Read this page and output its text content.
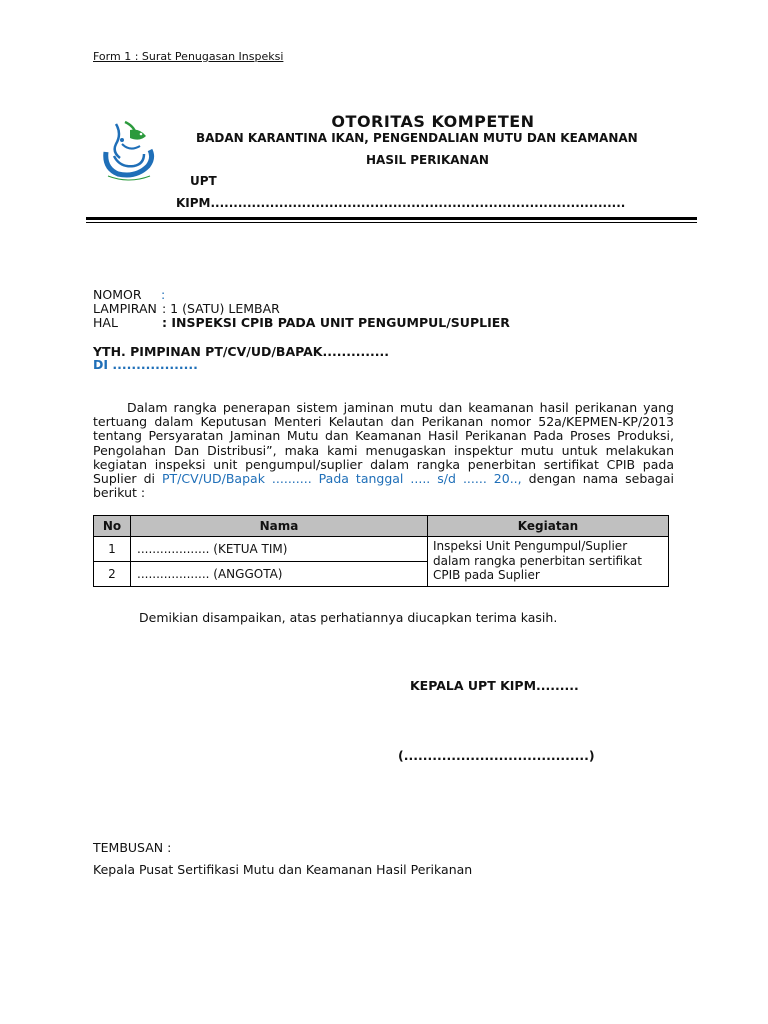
Form 1 : Surat Penugasan Inspeksi
OTORITAS KOMPETEN
BADAN KARANTINA IKAN, PENGENDALIAN MUTU DAN KEAMANAN
HASIL PERIKANAN
UPT
KIPM...........................................................................................
NOMOR :
LAMPIRAN : 1 (SATU) LEMBAR
HAL	: INSPEKSI CPIB PADA UNIT PENGUMPUL/SUPLIER
YTH. PIMPINAN PT/CV/UD/BAPAK..............
DI ..................
Dalam rangka penerapan sistem jaminan mutu dan keamanan hasil perikanan yang tertuang dalam Keputusan Menteri Kelautan dan Perikanan nomor 52a/KEPMEN-KP/2013 tentang Persyaratan Jaminan Mutu dan Keamanan Hasil Perikanan Pada Proses Produksi, Pengolahan Dan Distribusi”, maka kami menugaskan inspektur mutu untuk melakukan kegiatan inspeksi unit pengumpul/suplier dalam rangka penerbitan sertifikat CPIB pada Suplier di PT/CV/UD/Bapak .......... Pada tanggal ..... s/d ...... 20.., dengan nama sebagai berikut :
No	Nama	Kegiatan
1	................... (KETUA TIM)	Inspeksi Unit Pengumpul/Suplier dalam rangka penerbitan sertifikat CPIB pada Suplier
2	................... (ANGGOTA)	
Demikian disampaikan, atas perhatiannya diucapkan terima kasih.
KEPALA UPT KIPM.........
(.......................................)
TEMBUSAN :
Kepala Pusat Sertifikasi Mutu dan Keamanan Hasil Perikanan
